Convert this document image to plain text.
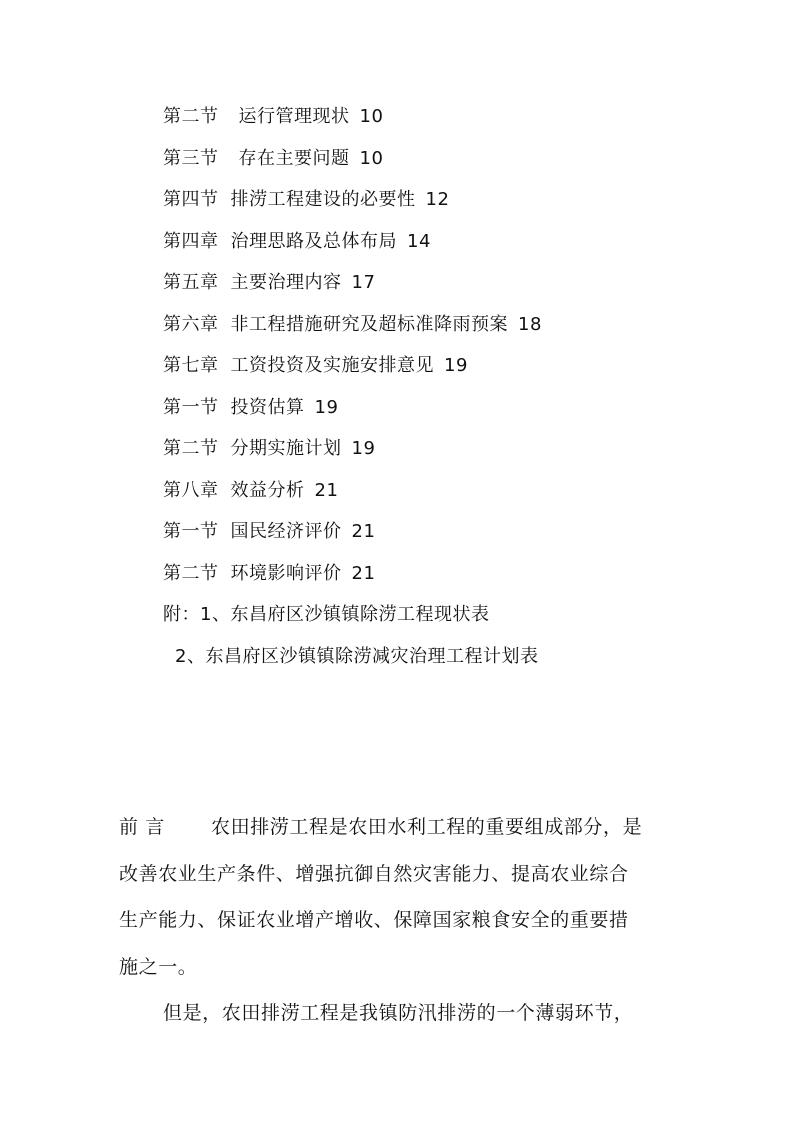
第二节 运行管理现状 10
第三节 存在主要问题 10
第四节 排涝工程建设的必要性 12
第四章 治理思路及总体布局 14
第五章 主要治理内容 17
第六章 非工程措施研究及超标准降雨预案 18
第七章 工资投资及实施安排意见 19
第一节 投资估算 19
第二节 分期实施计划 19
第八章 效益分析 21
第一节 国民经济评价 21
第二节 环境影响评价 21
附：1、东昌府区沙镇镇除涝工程现状表
2、东昌府区沙镇镇除涝减灾治理工程计划表
前 言 农田排涝工程是农田水利工程的重要组成部分，是
改善农业生产条件、增强抗御自然灾害能力、提高农业综合
生产能力、保证农业增产增收、保障国家粮食安全的重要措
施之一。
但是，农田排涝工程是我镇防汛排涝的一个薄弱环节，
